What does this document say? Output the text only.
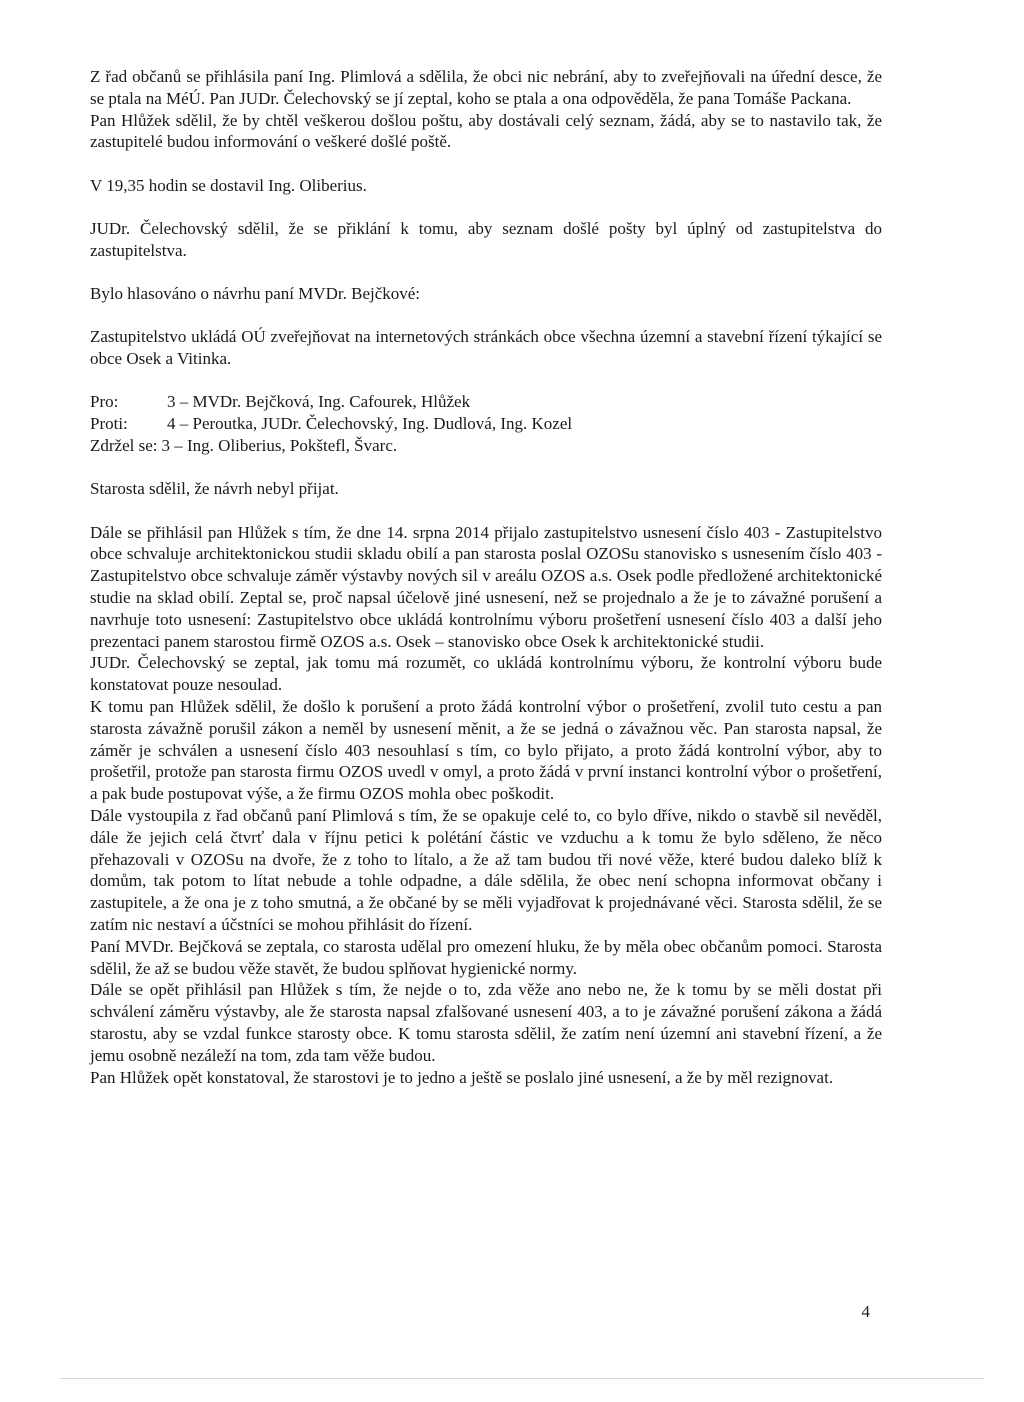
Z řad občanů se přihlásila paní Ing. Plimlová a sdělila, že obci nic nebrání, aby to zveřejňovali na úřední desce, že se ptala na MéÚ. Pan JUDr. Čelechovský se jí zeptal, koho se ptala a ona odpověděla, že pana Tomáše Packana.

Pan Hlůžek sdělil, že by chtěl veškerou došlou poštu, aby dostávali celý seznam, žádá, aby se to nastavilo tak, že zastupitelé budou informování o veškeré došlé poště.

V 19,35 hodin se dostavil Ing. Oliberius.

JUDr. Čelechovský sdělil, že se přiklání k tomu, aby seznam došlé pošty byl úplný od zastupitelstva do zastupitelstva.

Bylo hlasováno o návrhu paní MVDr. Bejčkové:

Zastupitelstvo ukládá OÚ zveřejňovat na internetových stránkách obce všechna územní a stavební řízení týkající se obce Osek a Vitinka.

Pro:	3 – MVDr. Bejčková, Ing. Cafourek, Hlůžek
Proti:	4 – Peroutka, JUDr. Čelechovský, Ing. Dudlová, Ing. Kozel
Zdržel se: 3 – Ing. Oliberius, Pokštefl, Švarc.

Starosta sdělil, že návrh nebyl přijat.

Dále se přihlásil pan Hlůžek s tím, že dne 14. srpna 2014 přijalo zastupitelstvo usnesení číslo 403 - Zastupitelstvo obce schvaluje architektonickou studii skladu obilí a pan starosta poslal OZOSu stanovisko s usnesením číslo 403 - Zastupitelstvo obce schvaluje záměr výstavby nových sil v areálu OZOS a.s. Osek podle předložené architektonické studie na sklad obilí. Zeptal se, proč napsal účelově jiné usnesení, než se projednalo a že je to závažné porušení a navrhuje toto usnesení: Zastupitelstvo obce ukládá kontrolnímu výboru prošetření usnesení číslo 403 a další jeho prezentaci panem starostou firmě OZOS a.s. Osek – stanovisko obce Osek k architektonické studii.

JUDr. Čelechovský se zeptal, jak tomu má rozumět, co ukládá kontrolnímu výboru, že kontrolní výboru bude konstatovat pouze nesoulad.

K tomu pan Hlůžek sdělil, že došlo k porušení a proto žádá kontrolní výbor o prošetření, zvolil tuto cestu a pan starosta závažně porušil zákon a neměl by usnesení měnit, a že se jedná o závažnou věc. Pan starosta napsal, že záměr je schválen a usnesení číslo 403 nesouhlasí s tím, co bylo přijato, a proto žádá kontrolní výbor, aby to prošetřil, protože pan starosta firmu OZOS uvedl v omyl, a proto žádá v první instanci kontrolní výbor o prošetření, a pak bude postupovat výše, a že firmu OZOS mohla obec poškodit.

Dále vystoupila z řad občanů paní Plimlová s tím, že se opakuje celé to, co bylo dříve, nikdo o stavbě sil nevěděl, dále že jejich celá čtvrť dala v říjnu petici k polétání částic ve vzduchu a k tomu že bylo sděleno, že něco přehazovali v OZOSu na dvoře, že z toho to lítalo, a že až tam budou tři nové věže, které budou daleko blíž k domům, tak potom to lítat nebude a tohle odpadne, a dále sdělila, že obec není schopna informovat občany i zastupitele, a že ona je z toho smutná, a že občané by se měli vyjadřovat k projednávané věci. Starosta sdělil, že se zatím nic nestaví a účstníci se mohou přihlásit do řízení.

Paní MVDr. Bejčková se zeptala, co starosta udělal pro omezení hluku, že by měla obec občanům pomoci. Starosta sdělil, že až se budou věže stavět, že budou splňovat hygienické normy.

Dále se opět přihlásil pan Hlůžek s tím, že nejde o to, zda věže ano nebo ne, že k tomu by se měli dostat při schválení záměru výstavby, ale že starosta napsal zfalšované usnesení 403, a to je závažné porušení zákona a žádá starostu, aby se vzdal funkce starosty obce. K tomu starosta sdělil, že zatím není územní ani stavební řízení, a že jemu osobně nezáleží na tom, zda tam věže budou.

Pan Hlůžek opět konstatoval, že starostovi je to jedno a ještě se poslalo jiné usnesení, a že by měl rezignovat.

4
